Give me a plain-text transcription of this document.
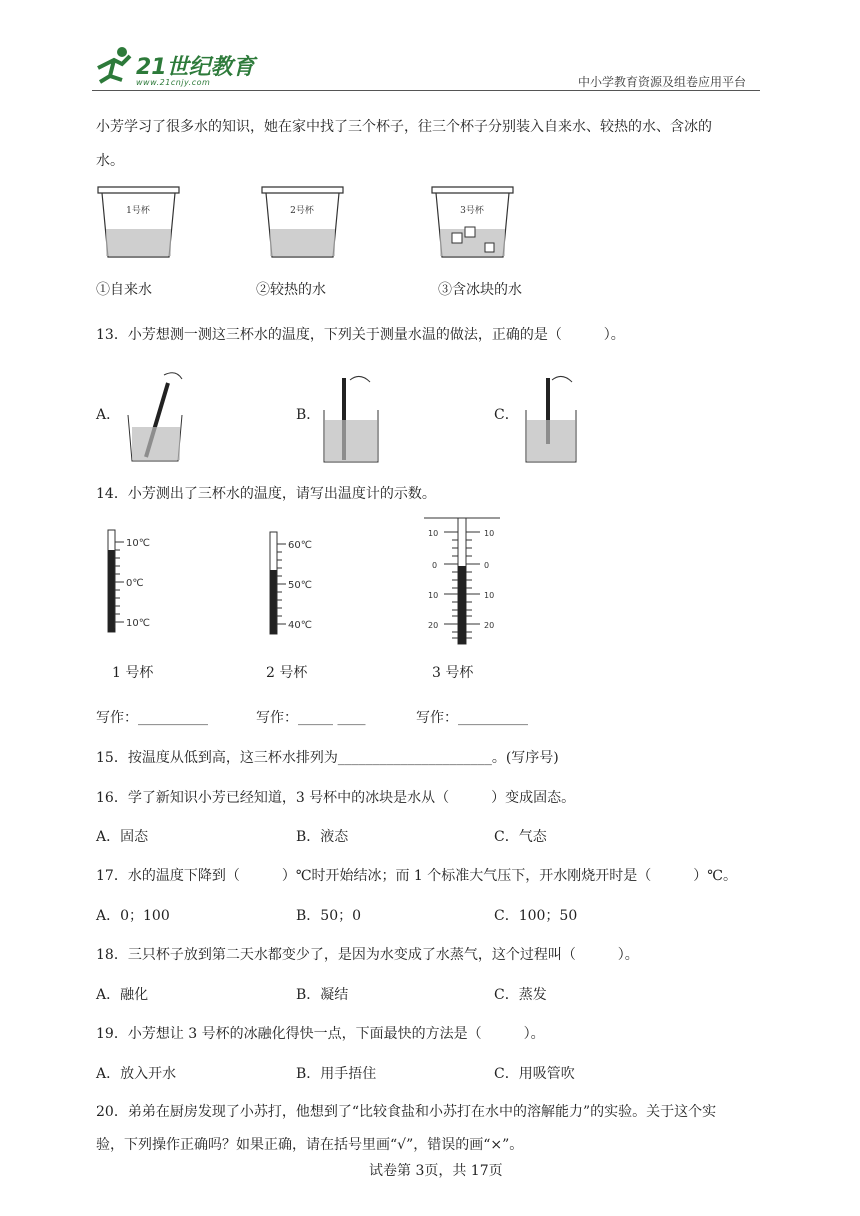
21世纪教育
www.21cnjy.com	中小学教育资源及组卷应用平台
小芳学习了很多水的知识，她在家中找了三个杯子，往三个杯子分别装入自来水、较热的水、含冰的
水。
1号杯	2号杯	3号杯
①自来水	②较热的水	③含冰块的水
13．小芳想测一测这三杯水的温度，下列关于测量水温的做法，正确的是（　　　）。
A．	B．	C．
14．小芳测出了三杯水的温度，请写出温度计的示数。
10℃
0℃
10℃
60℃
50℃
40℃
10
0
10
20
10
0
10
20
1 号杯	2 号杯	3 号杯
写作：__________	写作：_____ ____	写作：__________
15．按温度从低到高，这三杯水排列为______________________。(写序号)
16．学了新知识小芳已经知道，3 号杯中的冰块是水从（　　　）变成固态。
A．固态	B．液态	C．气态
17．水的温度下降到（　　　）℃时开始结冰；而 1 个标准大气压下，开水刚烧开时是（　　　）℃。
A．0；100	B．50；0	C．100；50
18．三只杯子放到第二天水都变少了，是因为水变成了水蒸气，这个过程叫（　　　）。
A．融化	B．凝结	C．蒸发
19．小芳想让 3 号杯的冰融化得快一点，下面最快的方法是（　　　）。
A．放入开水	B．用手捂住	C．用吸管吹
20．弟弟在厨房发现了小苏打，他想到了“比较食盐和小苏打在水中的溶解能力”的实验。关于这个实
验，下列操作正确吗？如果正确，请在括号里画“√”，错误的画“×”。
试卷第 3页，共 17页
